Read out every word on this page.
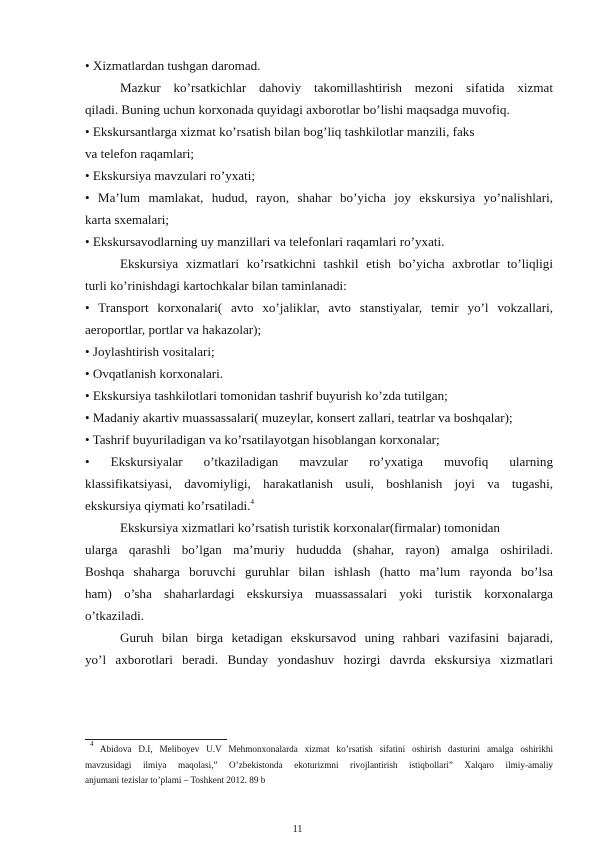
• Xizmatlardan tushgan daromad.
Mazkur ko’rsatkichlar dahoviy takomillashtirish mezoni sifatida xizmat
qiladi. Buning uchun korxonada quyidagi axborotlar bo’lishi maqsadga muvofiq.
• Ekskursantlarga xizmat ko’rsatish bilan bog’liq tashkilotlar manzili, faks
va telefon raqamlari;
• Ekskursiya mavzulari ro’yxati;
• Ma’lum mamlakat, hudud, rayon, shahar bo’yicha joy ekskursiya yo’nalishlari,
karta sxemalari;
• Ekskursavodlarning uy manzillari va telefonlari raqamlari ro’yxati.
Ekskursiya xizmatlari ko’rsatkichni tashkil etish bo’yicha axbrotlar to’liqligi
turli ko’rinishdagi kartochkalar bilan taminlanadi:
• Transport korxonalari( avto xo’jaliklar, avto stanstiyalar, temir yo’l vokzallari,
aeroportlar, portlar va hakazolar);
• Joylashtirish vositalari;
• Ovqatlanish korxonalari.
• Ekskursiya tashkilotlari tomonidan tashrif buyurish ko’zda tutilgan;
• Madaniy akartiv muassassalari( muzeylar, konsert zallari, teatrlar va boshqalar);
• Tashrif buyuriladigan va ko’rsatilayotgan hisoblangan korxonalar;
• Ekskursiyalar o’tkaziladigan mavzular ro’yxatiga muvofiq ularning
klassifikatsiyasi, davomiyligi, harakatlanish usuli, boshlanish joyi va tugashi,
ekskursiya qiymati ko’rsatiladi.$^4$
Ekskursiya xizmatlari ko’rsatish turistik korxonalar(firmalar) tomonidan
ularga qarashli bo’lgan ma’muriy hududda (shahar, rayon) amalga oshiriladi.
Boshqa shaharga boruvchi guruhlar bilan ishlash (hatto ma’lum rayonda bo’lsa
ham) o’sha shaharlardagi ekskursiya muassassalari yoki turistik korxonalarga
o’tkaziladi.
Guruh bilan birga ketadigan ekskursavod uning rahbari vazifasini bajaradi,
yo’l axborotlari beradi. Bunday yondashuv hozirgi davrda ekskursiya xizmatlari
$^4$ Abidova D.I, Meliboyev U.V Mehmonxonalarda xizmat ko’rsatish sifatini oshirish dasturini amalga oshirikhi
mavzusidagi ilmiya maqolasi,” O’zbekistonda ekoturizmni rivojlantirish istiqbollari” Xalqaro ilmiy-amaliy
anjumani tezislar to’plami – Toshkent 2012. 89 b
11
